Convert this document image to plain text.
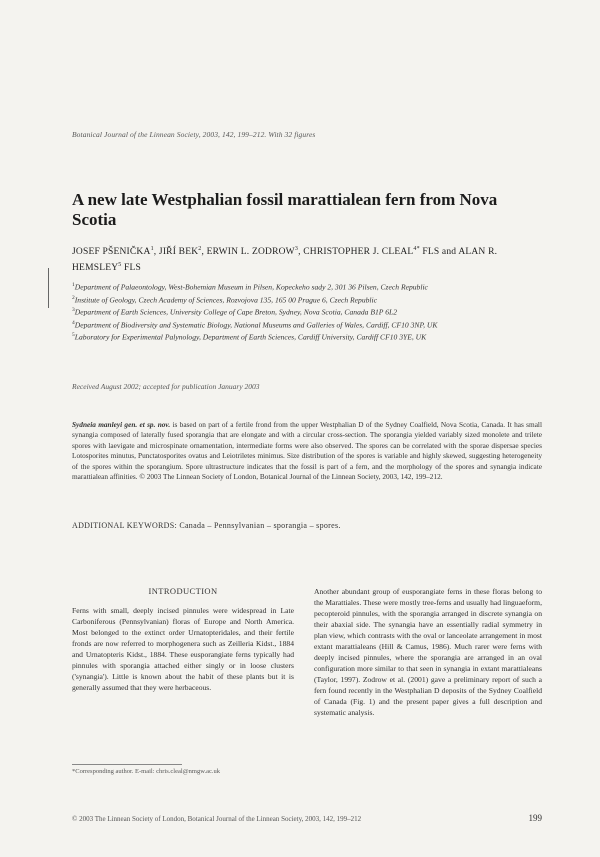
Botanical Journal of the Linnean Society, 2003, 142, 199–212. With 32 figures
A new late Westphalian fossil marattialean fern from Nova Scotia
JOSEF PŠENIČKA$^1$, JIŘÍ BEK$^2$, ERWIN L. ZODROW$^3$, CHRISTOPHER J. $CLEAL^{4*}$ FLS and ALAN R. HEMSLEY$^5$ FLS

$^1$Department of Palaeontology, West-Bohemian Museum in Pilsen, Kopeckeho sady 2, 301 36 Pilsen, Czech Republic

$^2$Institute of Geology, Czech Academy of Sciences, Rozvojova 135, 165 00 Prague 6, Czech Republic

$^3$Department of Earth Sciences, University College of Cape Breton, Sydney, Nova Scotia, Canada B1P 6L2

$^4$Department of Biodiversity and Systematic Biology, National Museums and Galleries of Wales, Cardiff, CF10 3NP, UK

$^5$Laboratory for Experimental Palynology, Department of Earth Sciences, Cardiff University, Cardiff CF10 3YE, UK

Received August 2002; accepted for publication January 2003
Sydneia manleyi gen. et sp. nov. is based on part of a fertile frond from the upper Westphalian D of the Sydney Coalfield, Nova Scotia, Canada. It has small synangia composed of laterally fused sporangia that are elongate and with a circular cross-section. The sporangia yielded variably sized monolete and trilete spores with laevigate and microspinate ornamentation, intermediate forms were also observed. The spores can be correlated with the sporae dispersae species Lotosporites minutus, Punctatosporites ovatus and Leiotriletes minimus. Size distribution of the spores is variable and highly skewed, suggesting heterogeneity of the spores within the sporangium. Spore ultrastructure indicates that the fossil is part of a fern, and the morphology of the spores and synangia indicate marattialean affinities. © 2003 The Linnean Society of London, Botanical Journal of the Linnean Society, 2003, 142, 199–212.
ADDITIONAL KEYWORDS: Canada – Pennsylvanian – sporangia – spores.

INTRODUCTION

Ferns with small, deeply incised pinnules were widespread in Late Carboniferous (Pennsylvanian) floras of Europe and North America. Most belonged to the extinct order Urnatopteridales, and their fertile fronds are now referred to morphogenera such as Zeilleria Kidst., 1884 and Urnatopteris Kidst., 1884. These eusporangiate ferns typically had pinnules with sporangia attached either singly or in loose clusters ('synangia'). Little is known about the habit of these plants but it is generally assumed that they were herbaceous.

Another abundant group of eusporangiate ferns in these floras belong to the Marattiales. These were mostly tree-ferns and usually had linguaeform, pecopteroid pinnules, with the sporangia arranged in discrete synangia on their abaxial side. The synangia have an essentially radial symmetry in plan view, which contrasts with the oval or lanceolate arrangement in most extant marattialeans (Hill & Camus, 1986). Much rarer were ferns with deeply incised pinnules, where the sporangia are arranged in an oval configuration more similar to that seen in synangia in extant marattialeans (Taylor, 1997). Zodrow et al. (2001) gave a preliminary report of such a fern found recently in the Westphalian D deposits of the Sydney Coalfield of Canada (Fig. 1) and the present paper gives a full description and systematic analysis.

*Corresponding author. E-mail: chris.cleal@nmgw.ac.uk
© 2003 The Linnean Society of London, Botanical Journal of the Linnean Society, 2003, 142, 199–212	199
